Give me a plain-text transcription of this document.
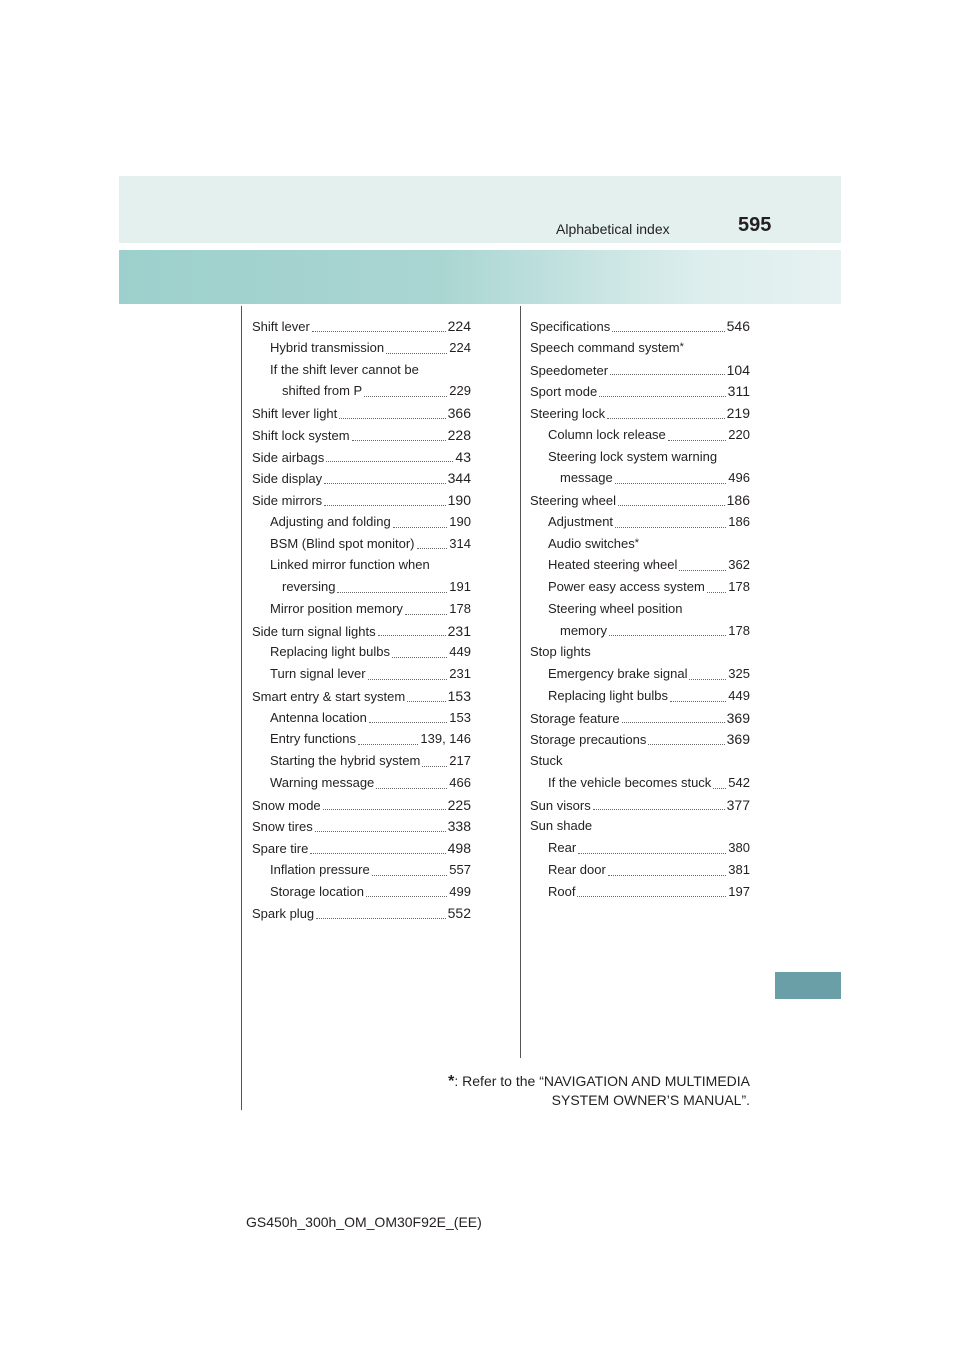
Alphabetical index	595
Shift lever	224
Hybrid transmission	224
If the shift lever cannot be
shifted from P	229
Shift lever light	366
Shift lock system	228
Side airbags	43
Side display	344
Side mirrors	190
Adjusting and folding	190
BSM (Blind spot monitor)	314
Linked mirror function when
reversing	191
Mirror position memory	178
Side turn signal lights	231
Replacing light bulbs	449
Turn signal lever	231
Smart entry & start system	153
Antenna location	153
Entry functions	139, 146
Starting the hybrid system 217
Warning message	466
Snow mode	225
Snow tires	338
Spare tire	498
Inflation pressure	557
Storage location	499
Spark plug	552
Specifications	546
Speech command system*
Speedometer	104
Sport mode	311
Steering lock	219
Column lock release	220
Steering lock system warning
message	496
Steering wheel	186
Adjustment	186
Audio switches*
Heated steering wheel	362
Power easy access system 178
Steering wheel position
memory	178
Stop lights
Emergency brake signal	325
Replacing light bulbs	449
Storage feature	369
Storage precautions	369
Stuck
If the vehicle becomes stuck 542
Sun visors	377
Sun shade
Rear	380
Rear door	381
Roof	197
*: Refer to the “NAVIGATION AND MULTIMEDIA
SYSTEM OWNER’S MANUAL”.
GS450h_300h_OM_OM30F92E_(EE)
